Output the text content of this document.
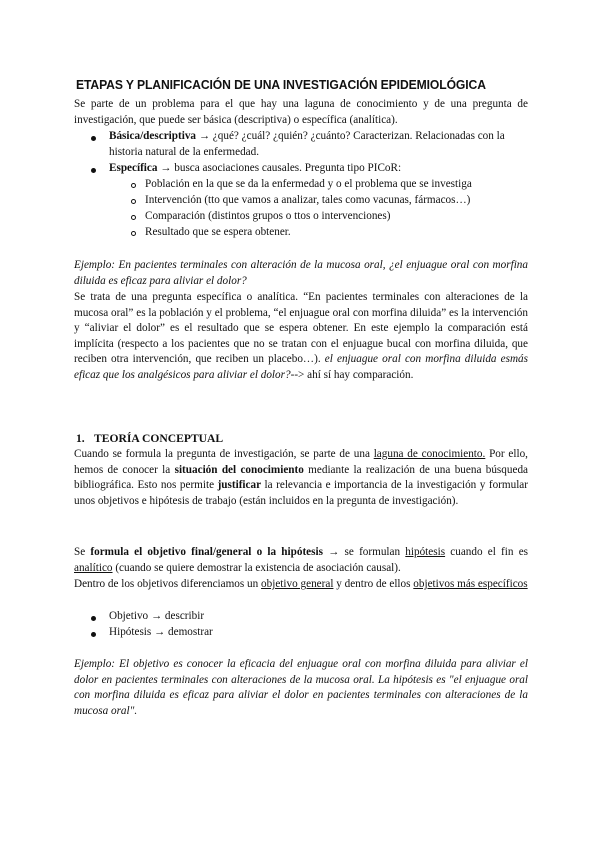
ETAPAS Y PLANIFICACIÓN DE UNA INVESTIGACIÓN EPIDEMIOLÓGICA

Se parte de un problema para el que hay una laguna de conocimiento y de una pregunta de investigación, que puede ser básica (descriptiva) o específica (analítica).

Básica/descriptiva → ¿qué? ¿cuál? ¿quién? ¿cuánto? Caracterizan. Relacionadas con la historia natural de la enfermedad.
Específica → busca asociaciones causales. Pregunta tipo PICoR:
Población en la que se da la enfermedad y o el problema que se investiga
Intervención (tto que vamos a analizar, tales como vacunas, fármacos…)
Comparación (distintos grupos o ttos o intervenciones)
Resultado que se espera obtener.

Ejemplo: En pacientes terminales con alteración de la mucosa oral, ¿el enjuague oral con morfina diluida es eficaz para aliviar el dolor?

Se trata de una pregunta específica o analítica. “En pacientes terminales con alteraciones de la mucosa oral” es la población y el problema, “el enjuague oral con morfina diluida” es la intervención y “aliviar el dolor” es el resultado que se espera obtener. En este ejemplo la comparación está implícita (respecto a los pacientes que no se tratan con el enjuague bucal con morfina diluida, que reciben otra intervención, que reciben un placebo…). el enjuague oral con morfina diluida esmás eficaz que los analgésicos para aliviar el dolor?--> ahí sí hay comparación.

1. TEORÍA CONCEPTUAL

Cuando se formula la pregunta de investigación, se parte de una laguna de conocimiento. Por ello, hemos de conocer la situación del conocimiento mediante la realización de una buena búsqueda bibliográfica. Esto nos permite justificar la relevancia e importancia de la investigación y formular unos objetivos e hipótesis de trabajo (están incluidos en la pregunta de investigación).

Se formula el objetivo final/general o la hipótesis → se formulan hipótesis cuando el fin es analítico (cuando se quiere demostrar la existencia de asociación causal).

Dentro de los objetivos diferenciamos un objetivo general y dentro de ellos objetivos más específicos

Objetivo → describir
Hipótesis → demostrar

Ejemplo: El objetivo es conocer la eficacia del enjuague oral con morfina diluida para aliviar el dolor en pacientes terminales con alteraciones de la mucosa oral. La hipótesis es "el enjuague oral con morfina diluida es eficaz para aliviar el dolor en pacientes terminales con alteraciones de la mucosa oral".
